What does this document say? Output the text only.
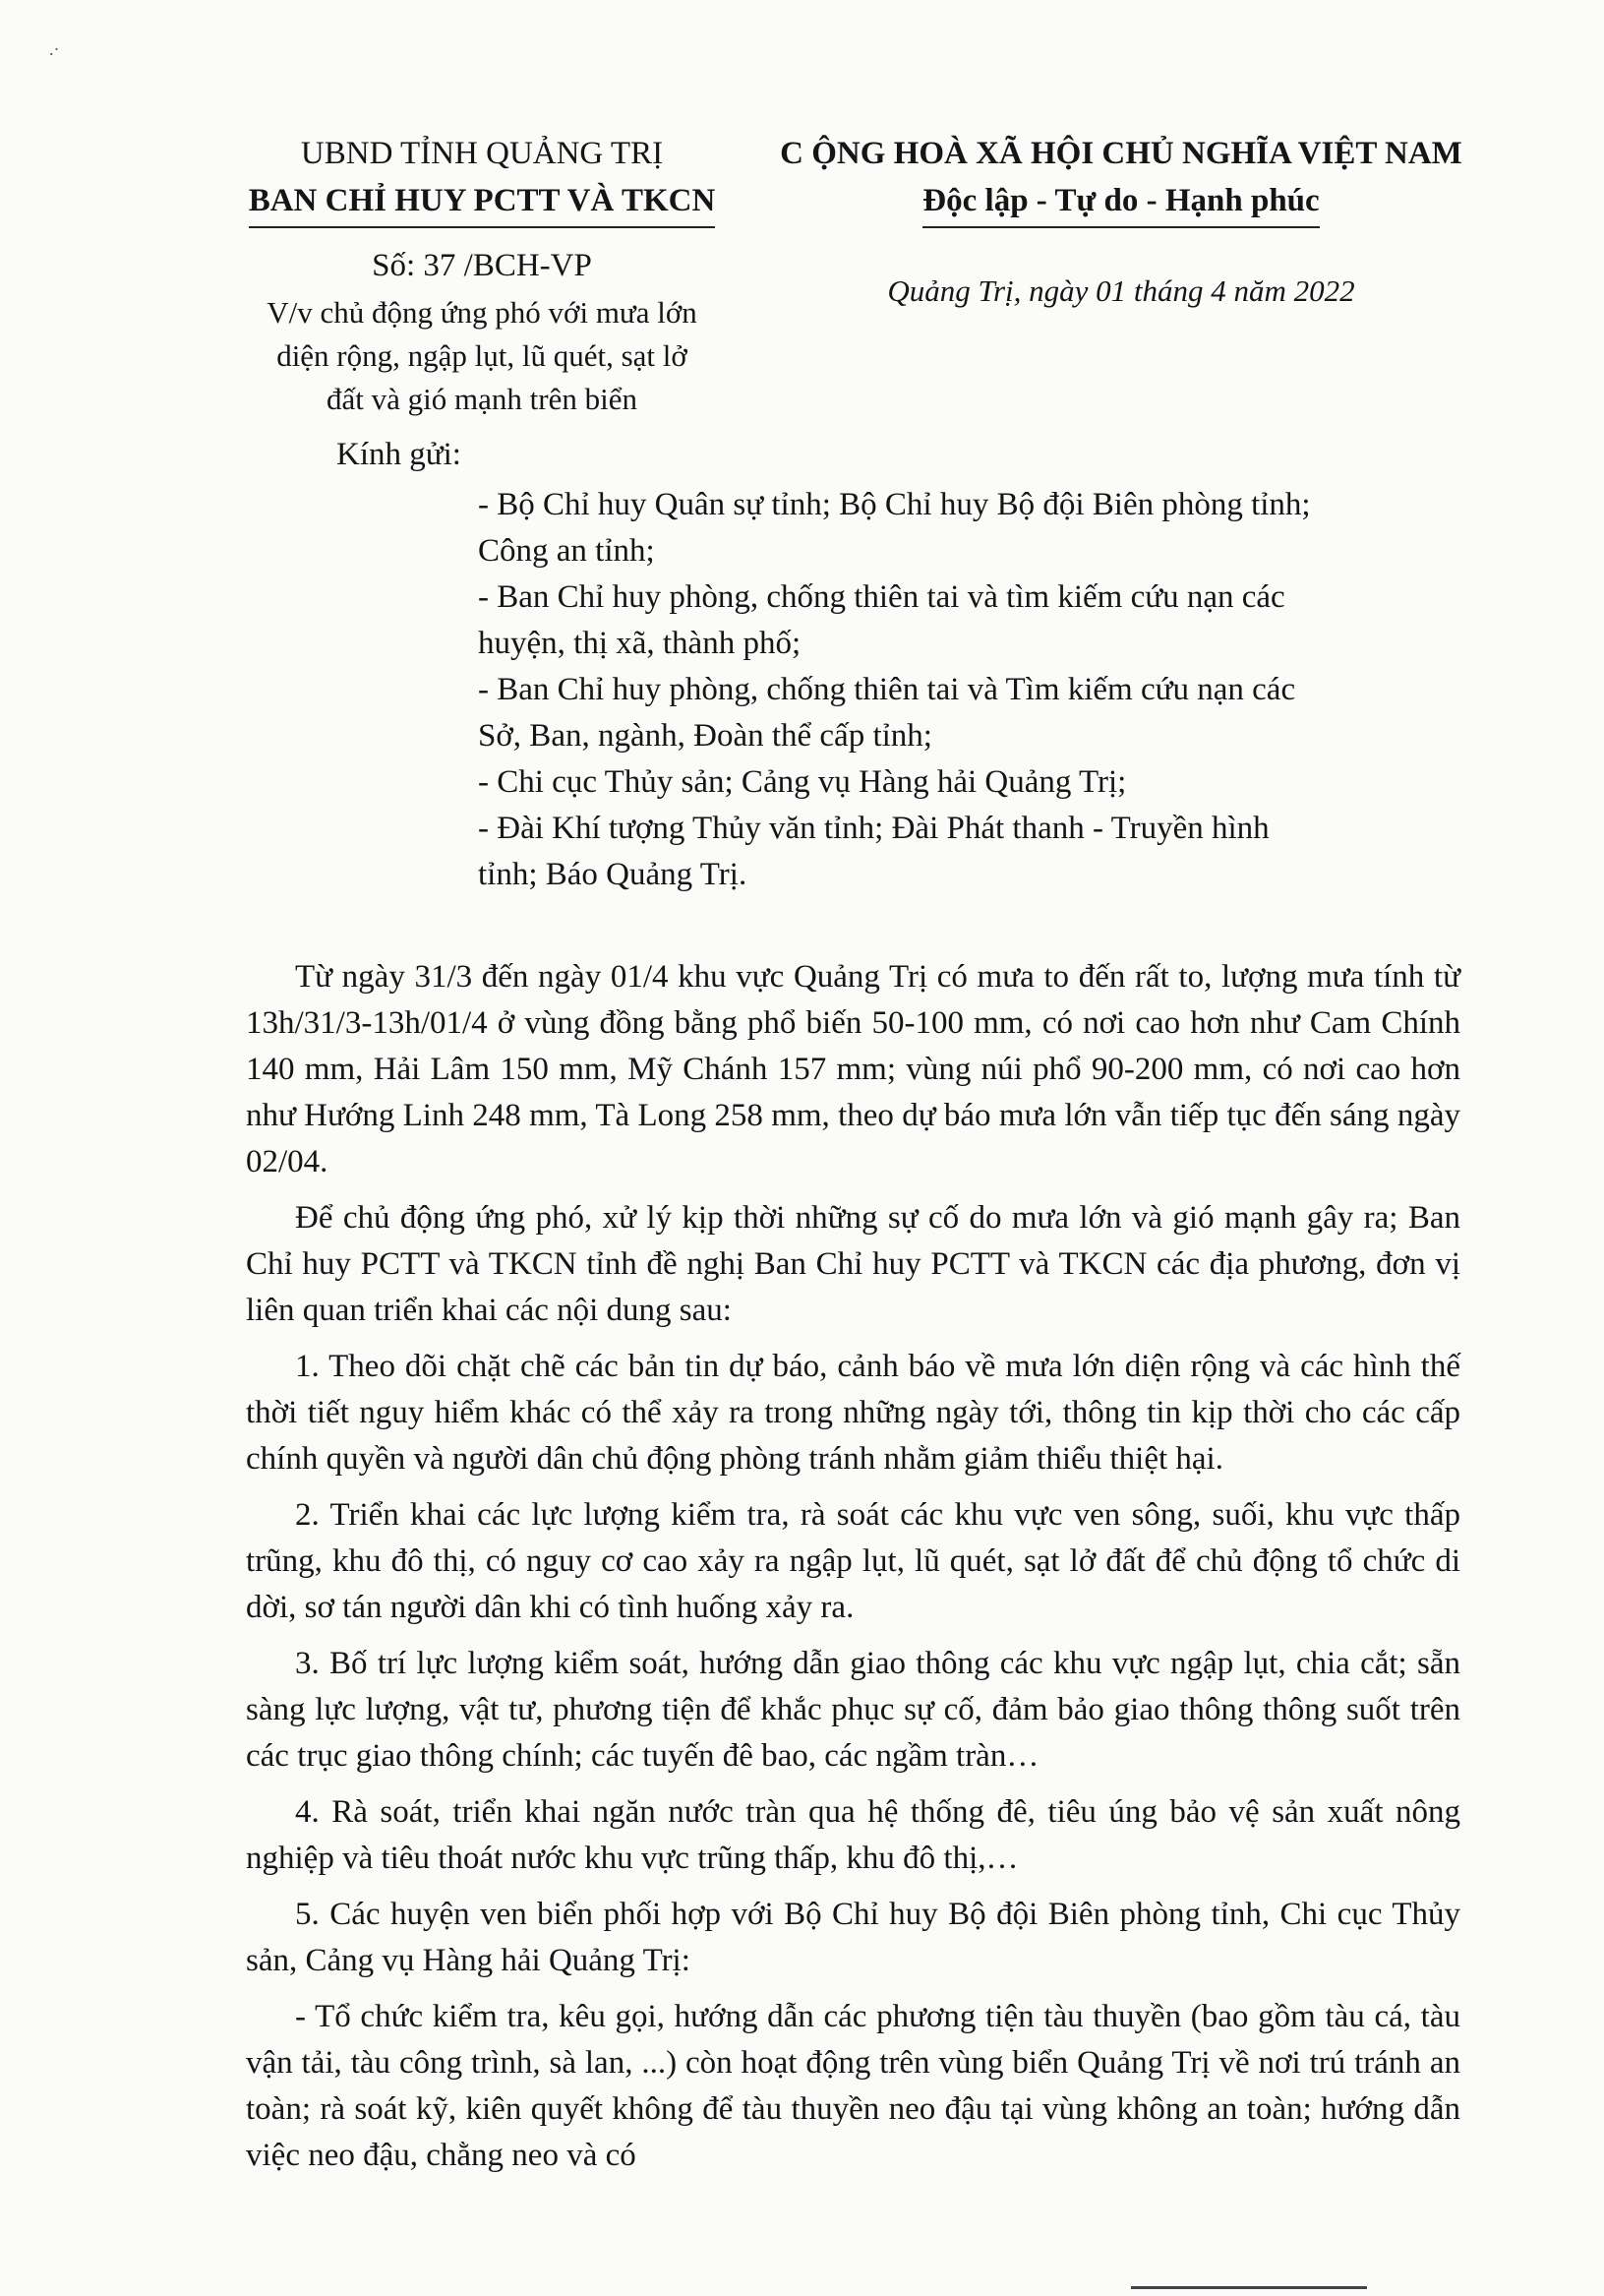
.·
UBND TỈNH QUẢNG TRỊ
BAN CHỈ HUY PCTT VÀ TKCN
Số: 37 /BCH-VP
V/v chủ động ứng phó với mưa lớn
diện rộng, ngập lụt, lũ quét, sạt lở
đất và gió mạnh trên biển
C ỘNG HOÀ XÃ HỘI CHỦ NGHĨA VIỆT NAM
Độc lập - Tự do - Hạnh phúc
Quảng Trị, ngày 01 tháng 4 năm 2022
Kính gửi:
- Bộ Chỉ huy Quân sự tỉnh; Bộ Chỉ huy Bộ đội Biên phòng tỉnh;
Công an tỉnh;
- Ban Chỉ huy phòng, chống thiên tai và tìm kiếm cứu nạn các
huyện, thị xã, thành phố;
- Ban Chỉ huy phòng, chống thiên tai và Tìm kiếm cứu nạn các
Sở, Ban, ngành, Đoàn thể cấp tỉnh;
- Chi cục Thủy sản; Cảng vụ Hàng hải Quảng Trị;
- Đài Khí tượng Thủy văn tỉnh; Đài Phát thanh - Truyền hình
tỉnh; Báo Quảng Trị.

Từ ngày 31/3 đến ngày 01/4 khu vực Quảng Trị có mưa to đến rất to, lượng mưa tính từ 13h/31/3-13h/01/4 ở vùng đồng bằng phổ biến 50-100 mm, có nơi cao hơn như Cam Chính 140 mm, Hải Lâm 150 mm, Mỹ Chánh 157 mm; vùng núi phổ 90-200 mm, có nơi cao hơn như Hướng Linh 248 mm, Tà Long 258 mm, theo dự báo mưa lớn vẫn tiếp tục đến sáng ngày 02/04.

Để chủ động ứng phó, xử lý kịp thời những sự cố do mưa lớn và gió mạnh gây ra; Ban Chỉ huy PCTT và TKCN tỉnh đề nghị Ban Chỉ huy PCTT và TKCN các địa phương, đơn vị liên quan triển khai các nội dung sau:

1. Theo dõi chặt chẽ các bản tin dự báo, cảnh báo về mưa lớn diện rộng và các hình thế thời tiết nguy hiểm khác có thể xảy ra trong những ngày tới, thông tin kịp thời cho các cấp chính quyền và người dân chủ động phòng tránh nhằm giảm thiểu thiệt hại.

2. Triển khai các lực lượng kiểm tra, rà soát các khu vực ven sông, suối, khu vực thấp trũng, khu đô thị, có nguy cơ cao xảy ra ngập lụt, lũ quét, sạt lở đất để chủ động tổ chức di dời, sơ tán người dân khi có tình huống xảy ra.

3. Bố trí lực lượng kiểm soát, hướng dẫn giao thông các khu vực ngập lụt, chia cắt; sẵn sàng lực lượng, vật tư, phương tiện để khắc phục sự cố, đảm bảo giao thông thông suốt trên các trục giao thông chính; các tuyến đê bao, các ngầm tràn…

4. Rà soát, triển khai ngăn nước tràn qua hệ thống đê, tiêu úng bảo vệ sản xuất nông nghiệp và tiêu thoát nước khu vực trũng thấp, khu đô thị,…

5. Các huyện ven biển phối hợp với Bộ Chỉ huy Bộ đội Biên phòng tỉnh, Chi cục Thủy sản, Cảng vụ Hàng hải Quảng Trị:

- Tổ chức kiểm tra, kêu gọi, hướng dẫn các phương tiện tàu thuyền (bao gồm tàu cá, tàu vận tải, tàu công trình, sà lan, ...) còn hoạt động trên vùng biển Quảng Trị về nơi trú tránh an toàn; rà soát kỹ, kiên quyết không để tàu thuyền neo đậu tại vùng không an toàn; hướng dẫn việc neo đậu, chằng neo và có
